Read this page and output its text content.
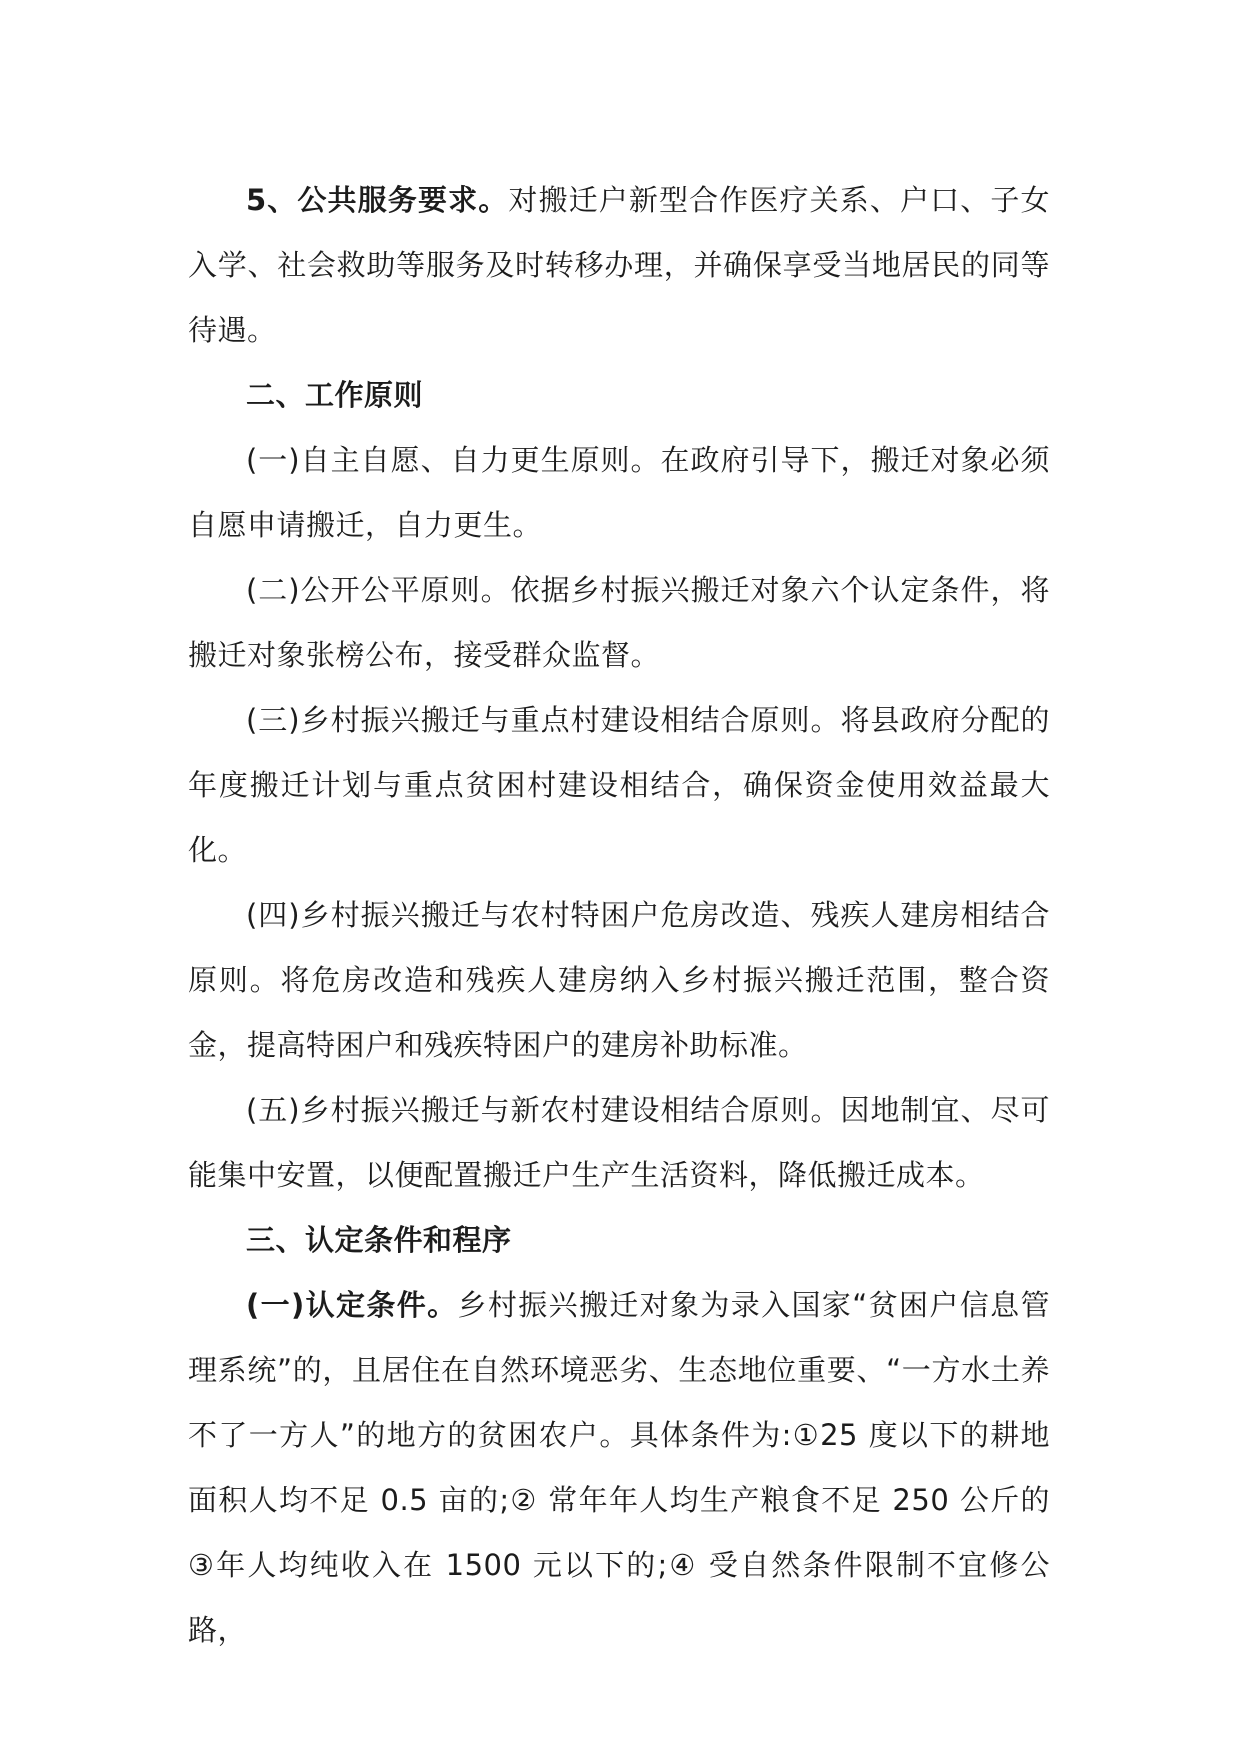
5、公共服务要求。对搬迁户新型合作医疗关系、户口、子女入学、社会救助等服务及时转移办理，并确保享受当地居民的同等待遇。

二、工作原则

(一)自主自愿、自力更生原则。在政府引导下，搬迁对象必须自愿申请搬迁，自力更生。

(二)公开公平原则。依据乡村振兴搬迁对象六个认定条件，将搬迁对象张榜公布，接受群众监督。

(三)乡村振兴搬迁与重点村建设相结合原则。将县政府分配的年度搬迁计划与重点贫困村建设相结合，确保资金使用效益最大化。

(四)乡村振兴搬迁与农村特困户危房改造、残疾人建房相结合原则。将危房改造和残疾人建房纳入乡村振兴搬迁范围，整合资金，提高特困户和残疾特困户的建房补助标准。

(五)乡村振兴搬迁与新农村建设相结合原则。因地制宜、尽可能集中安置，以便配置搬迁户生产生活资料，降低搬迁成本。

三、认定条件和程序

(一)认定条件。乡村振兴搬迁对象为录入国家“贫困户信息管理系统”的，且居住在自然环境恶劣、生态地位重要、“一方水土养不了一方人”的地方的贫困农户。具体条件为:①25 度以下的耕地面积人均不足 0.5 亩的;② 常年年人均生产粮食不足 250 公斤的③年人均纯收入在 1500 元以下的;④ 受自然条件限制不宜修公路，
